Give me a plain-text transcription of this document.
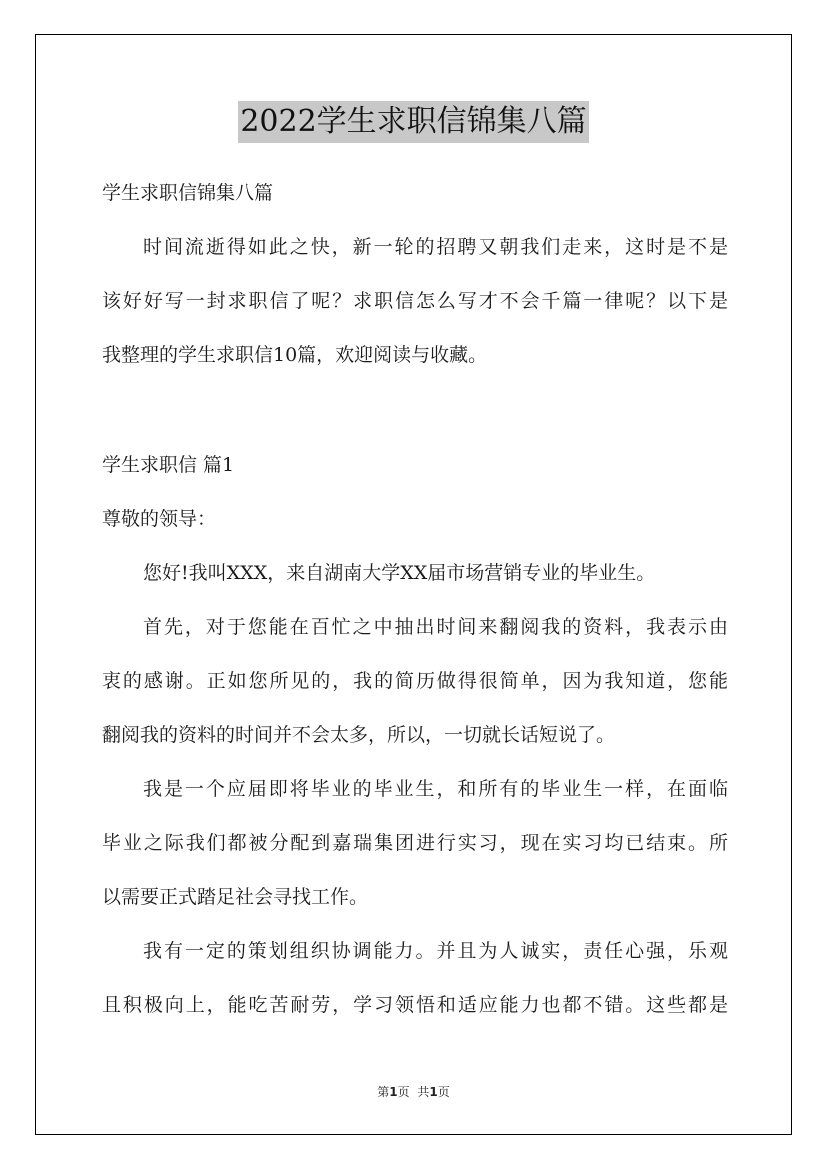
2022学生求职信锦集八篇
学生求职信锦集八篇
时间流逝得如此之快，新一轮的招聘又朝我们走来，这时是不是
该好好写一封求职信了呢？求职信怎么写才不会千篇一律呢？以下是
我整理的学生求职信10篇，欢迎阅读与收藏。
学生求职信 篇1
尊敬的领导：
您好!我叫XXX，来自湖南大学XX届市场营销专业的毕业生。
首先，对于您能在百忙之中抽出时间来翻阅我的资料，我表示由
衷的感谢。正如您所见的，我的简历做得很简单，因为我知道，您能
翻阅我的资料的时间并不会太多，所以，一切就长话短说了。
我是一个应届即将毕业的毕业生，和所有的毕业生一样，在面临
毕业之际我们都被分配到嘉瑞集团进行实习，现在实习均已结束。所
以需要正式踏足社会寻找工作。
我有一定的策划组织协调能力。并且为人诚实，责任心强，乐观
且积极向上，能吃苦耐劳，学习领悟和适应能力也都不错。这些都是
第1页 共1页
